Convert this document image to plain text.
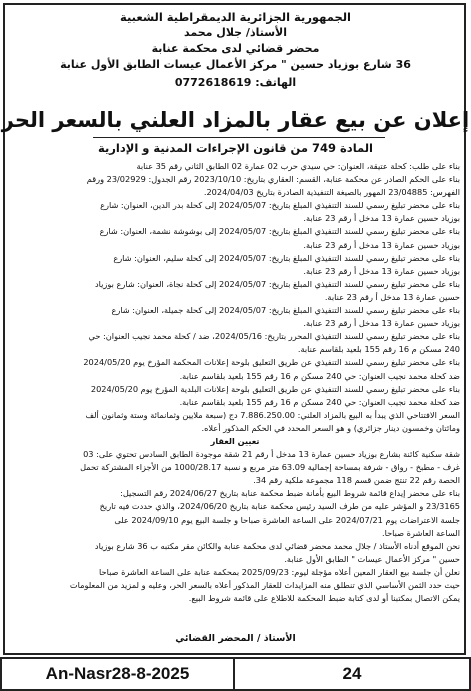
الجمهورية الجزائرية الديمقراطية الشعبية
الأستاذ/ جلال محمد
محضر قضائي لدى محكمة عنابة
36 شارع بوزياد حسين " مركز الأعمال عيسات الطابق الأول عنابة
الهاتف: 0772618619
إعلان عن بيع عقار بالمزاد العلني بالسعر الحر
المادة 749 من قانون الإجراءات المدنية و الإدارية

بناء على طلب: كحلة عتيقة، العنوان: حي سيدي حرب 02 عمارة 02 الطابق الثاني رقم 35 عنابة

بناء على الحكم الصادر عن محكمة عنابة، القسم: العقاري بتاريخ: 2023/10/10 رقم الجدول: 23/02929 ورقم

الفهرس: 23/04885 المهور بالصيغة التنفيذية الصادرة بتاريخ 2024/04/03.

بناء على محضر تبليغ رسمي للسند التنفيذي المبلغ بتاريخ: 2024/05/07 إلى كحلة بدر الدين، العنوان: شارع

بوزياد حسين عمارة 13 مدخل أ رقم 23 عنابة.

بناء على محضر تبليغ رسمي للسند التنفيذي المبلغ بتاريخ: 2024/05/07 إلى بوشوشة نشمة، العنوان: شارع

بوزياد حسين عمارة 13 مدخل أ رقم 23 عنابة.

بناء على محضر تبليغ رسمي للسند التنفيذي المبلغ بتاريخ: 2024/05/07 إلى كحلة سليم، العنوان: شارع

بوزياد حسين عمارة 13 مدخل أ رقم 23 عنابة.

بناء على محضر تبليغ رسمي للسند التنفيذي المبلغ بتاريخ: 2024/05/07 إلى كحلة نجاة، العنوان: شارع بوزياد

حسين عمارة 13 مدخل أ رقم 23 عنابة.

بناء على محضر تبليغ رسمي للسند التنفيذي المبلغ بتاريخ: 2024/05/07 إلى كحلة جميلة، العنوان: شارع

بوزياد حسين عمارة 13 مدخل أ رقم 23 عنابة.

بناء على محضر تبليغ رسمي للسند التنفيذي المحرر بتاريخ: 2024/05/16، ضد / كحلة محمد نجيب العنوان: حي

240 مسكن م 16 رقم 155 بلعيد بلقاسم عنابة.

بناء على محضر تبليغ رسمي للسند التنفيذي عن طريق التعليق بلوحة إعلانات المحكمة المؤرخ يوم 2024/05/20

ضد كحلة محمد نجيب العنوان: حي 240 مسكن م 16 رقم 155 بلعيد بلقاسم عنابة.

بناء على محضر تبليغ رسمي للسند التنفيذي عن طريق التعليق بلوحة إعلانات البلدية المؤرخ يوم 2024/05/20

ضد كحلة محمد نجيب العنوان: حي 240 مسكن م 16 رقم 155 بلعيد بلقاسم عنابة.

السعر الافتتاحي الذي يبدأ به البيع بالمزاد العلني: 7.886.250.00 دج (سبعة ملايين وثمانمائة وستة وثمانون ألف

ومائتان وخمسون دينار جزائري) و هو السعر المحدد في الحكم المذكور أعلاه.

تعيين العقار

شقة سكنية كائنة بشارع بوزياد حسين عمارة 13 مدخل أ رقم 21 شقة موجودة الطابق السادس تحتوي على: 03

غرف - مطبخ - رواق - شرفة بمساحة إجمالية 63.09 متر مربع و نسبة 1000/28.17 من الأجزاء المشتركة تحمل

الحصة رقم 22 تنتج ضمن قسم 118 مجموعة ملكية رقم 34.

بناء على محضر إيداع قائمة شروط البيع بأمانة ضبط محكمة عنابة بتاريخ 2024/06/27 رقم التسجيل:

23/3165 و المؤشر عليه من طرف السيد رئيس محكمة عنابة بتاريخ 2024/06/20، والذي حددت فيه تاريخ

جلسة الاعتراضات يوم 2024/07/21 على الساعة العاشرة صباحا و جلسة البيع يوم 2024/09/10 على

الساعة العاشرة صباحا.

نحن الموقع أدناه الأستاذ / جلال محمد محضر قضائي لدى محكمة عنابة والكائن مقر مكتبه ب 36 شارع بوزياد

حسين " مركز الأعمال عيسات " الطابق الأول عنابة.

نعلن أن جلسة بيع العقار المعين أعلاه مؤجلة ليوم: 2025/09/23 بمحكمة عنابة على الساعة العاشرة صباحا

حيث حدد الثمن الأساسي الذي تنطلق منه المزايدات للعقار المذكور أعلاه بالسعر الحر، وعليه و لمزيد من المعلومات

يمكن الاتصال بمكتبنا أو لدى كتابة ضبط المحكمة للاطلاع على قائمة شروط البيع.

الأستاذ / المحضر القضائي
An-Nasr28-8-2025	24
